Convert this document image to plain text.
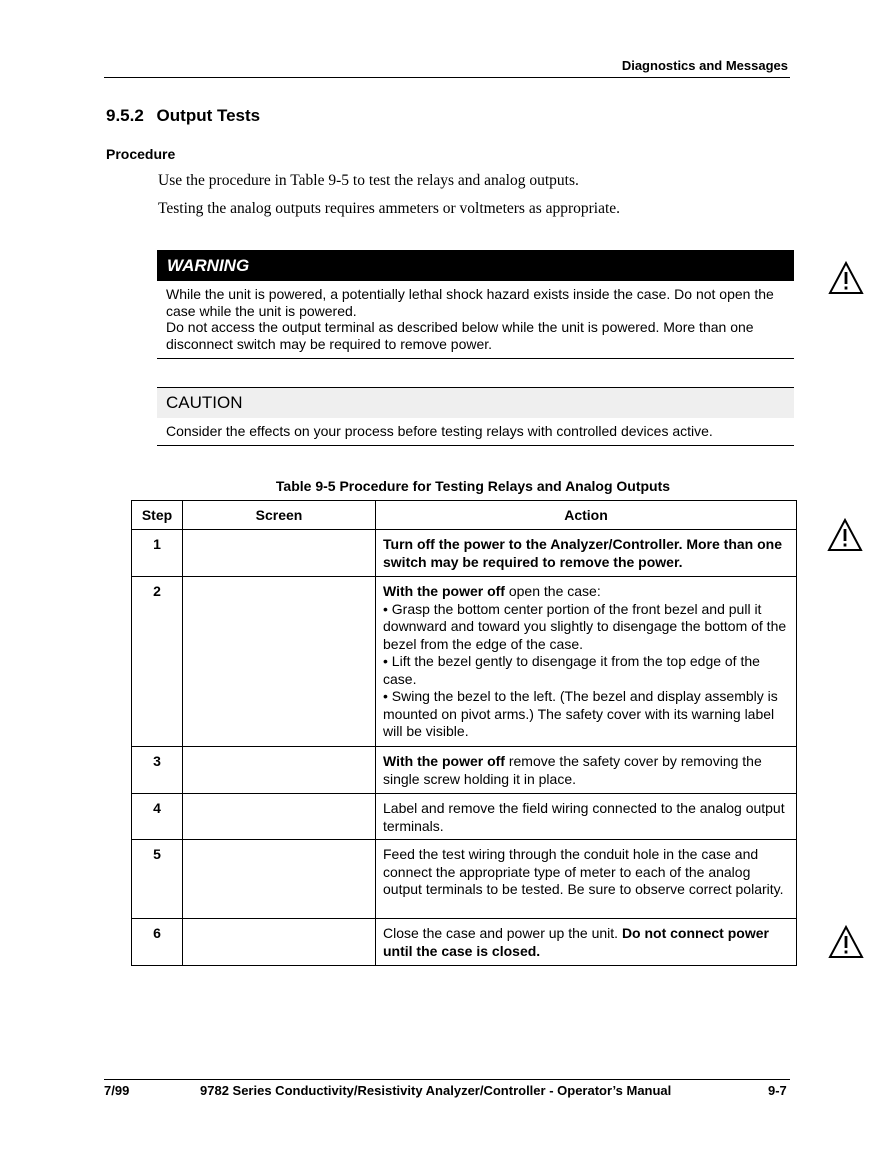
Diagnostics and Messages
9.5.2 Output Tests
Procedure
Use the procedure in Table 9-5 to test the relays and analog outputs.
Testing the analog outputs requires ammeters or voltmeters as appropriate.
WARNING
While the unit is powered, a potentially lethal shock hazard exists inside the case. Do not open the case while the unit is powered.
Do not access the output terminal as described below while the unit is powered. More than one disconnect switch may be required to remove power.
CAUTION
Consider the effects on your process before testing relays with controlled devices active.
Table 9-5 Procedure for Testing Relays and Analog Outputs
Step	Screen	Action
1		Turn off the power to the Analyzer/Controller. More than one switch may be required to remove the power.
2		With the power off open the case:
• Grasp the bottom center portion of the front bezel and pull it downward and toward you slightly to disengage the bottom of the bezel from the edge of the case.
• Lift the bezel gently to disengage it from the top edge of the case.
• Swing the bezel to the left. (The bezel and display assembly is mounted on pivot arms.) The safety cover with its warning label will be visible.

3		With the power off remove the safety cover by removing the single screw holding it in place.
4		Label and remove the field wiring connected to the analog output terminals.
5		Feed the test wiring through the conduit hole in the case and connect the appropriate type of meter to each of the analog output terminals to be tested. Be sure to observe correct polarity.
6		Close the case and power up the unit. Do not connect power until the case is closed.
7/99	9782 Series Conductivity/Resistivity Analyzer/Controller - Operator’s Manual	9-7
